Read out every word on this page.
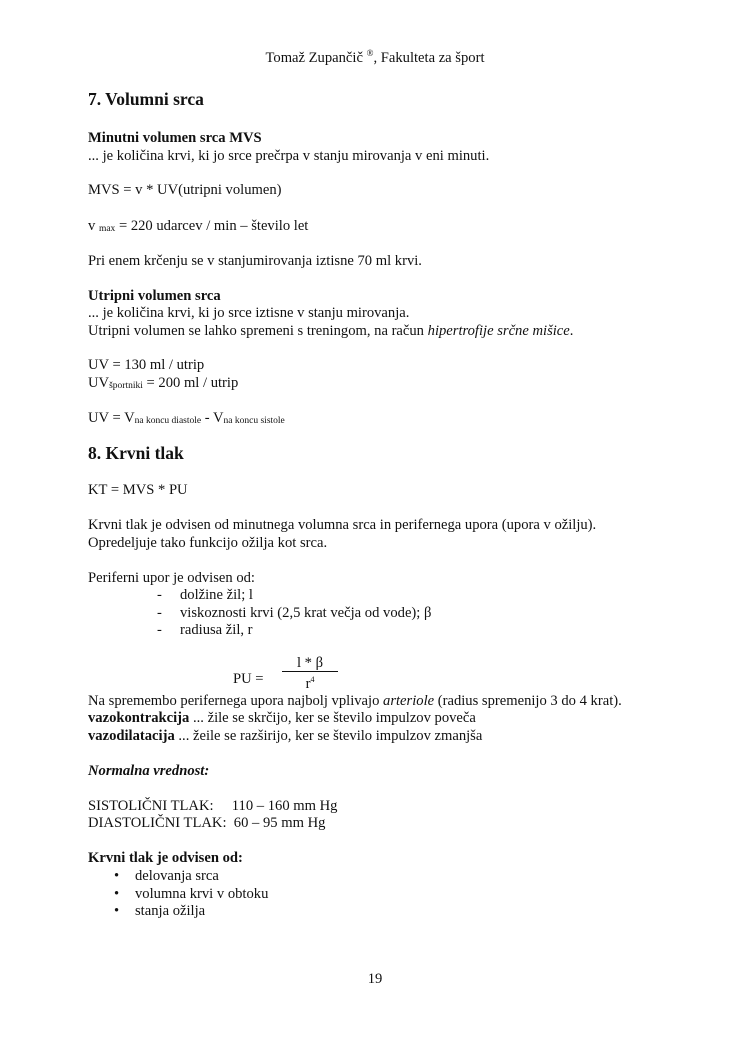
Tomaž Zupančič ®, Fakulteta za šport
7. Volumni srca
Minutni volumen srca MVS
... je količina krvi, ki jo srce prečrpa v stanju mirovanja v eni minuti.
MVS = v * UV(utripni volumen)
v $_{max}$ = 220 udarcev / min – število let
Pri enem krčenju se v stanjumirovanja iztisne 70 ml krvi.
Utripni volumen srca
... je količina krvi, ki jo srce iztisne v stanju mirovanja.
Utripni volumen se lahko spremeni s treningom, na račun hipertrofije srčne mišice.
UV = 130 ml / utrip
$UV_{športniki} = 200$ ml / utrip
UV = $V_{na koncu diastole} - V_{na koncu sistole}$
8. Krvni tlak
KT = MVS * PU
Krvni tlak je odvisen od minutnega volumna srca in perifernega upora (upora v ožilju).
Opredeljuje tako funkcijo ožilja kot srca.
Periferni upor je odvisen od:
- dolžine žil; l
- viskoznosti krvi (2,5 krat večja od vode); β
- radiusa žil, r
PU =
l * β
$r^4$
Na spremembo perifernega upora najbolj vplivajo arteriole (radius spremenijo 3 do 4 krat).
vazokontrakcija ... žile se skrčijo, ker se število impulzov poveča
vazodilatacija ... žeile se razširijo, ker se število impulzov zmanjša
Normalna vrednost:
SISTOLIČNI TLAK:     110 – 160 mm Hg
DIASTOLIČNI TLAK:  60 – 95 mm Hg
Krvni tlak je odvisen od:
• delovanja srca
• volumna krvi v obtoku
• stanja ožilja
19
